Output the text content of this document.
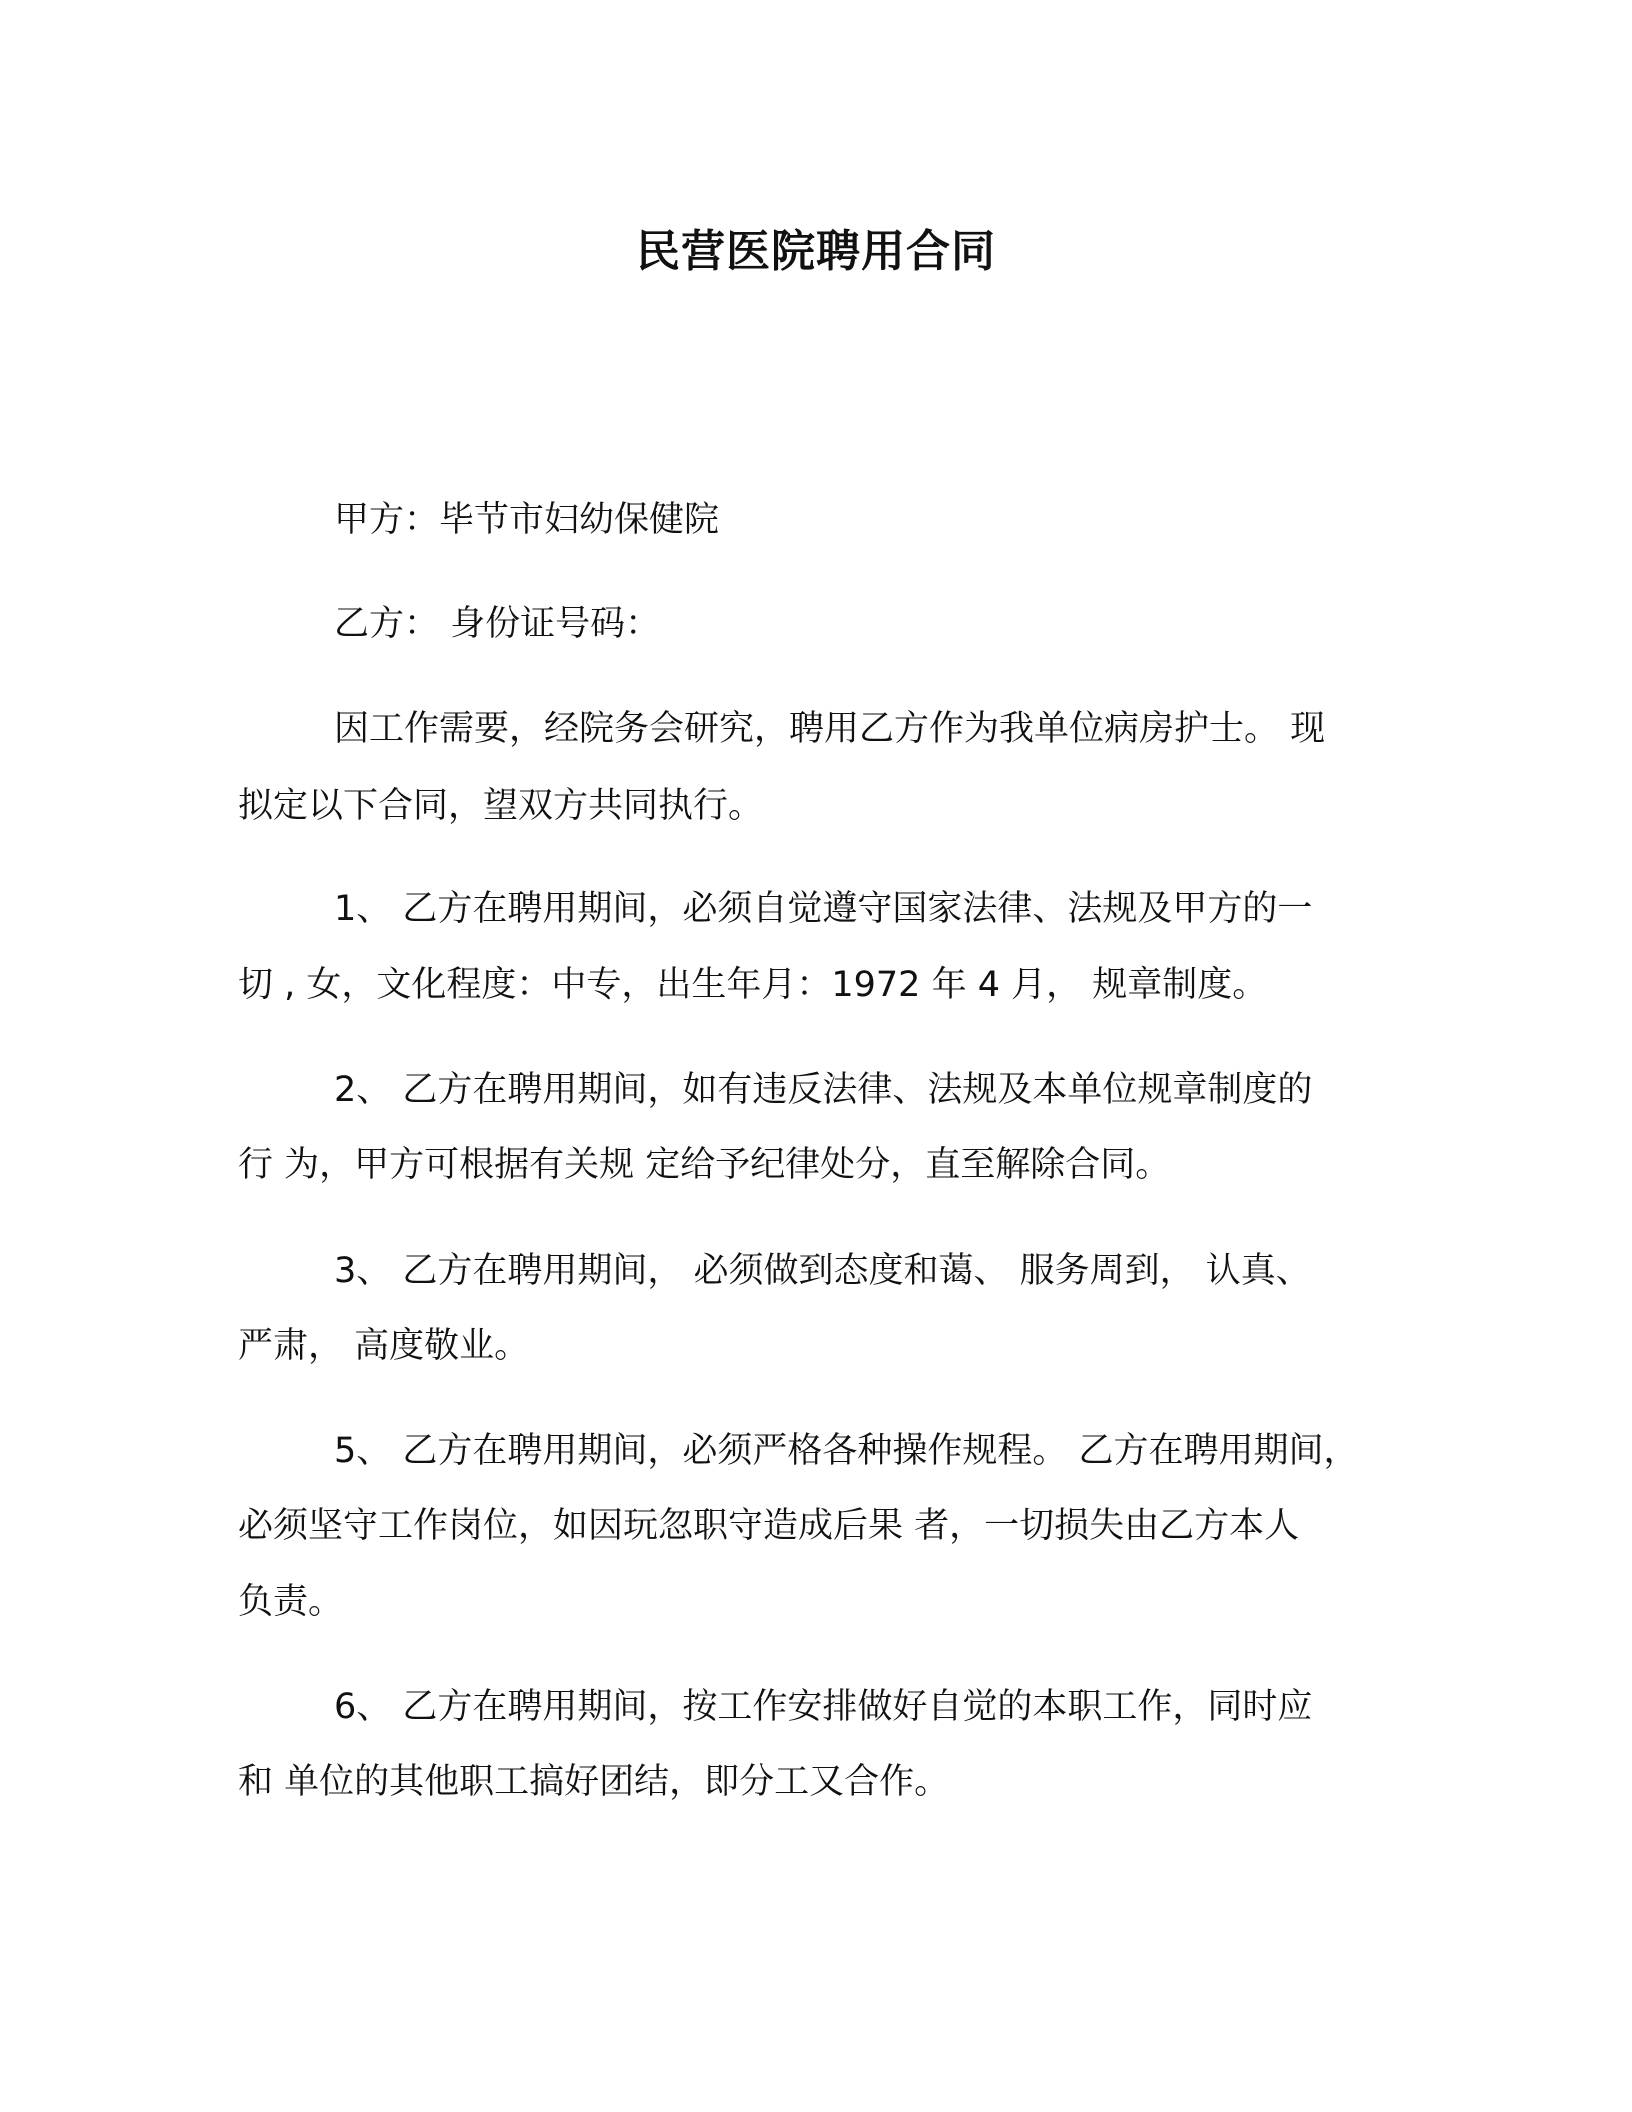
民营医院聘用合同
甲方：毕节市妇幼保健院
乙方： 身份证号码：
因工作需要，经院务会研究，聘用乙方作为我单位病房护士。 现
拟定以下合同，望双方共同执行。
1、 乙方在聘用期间，必须自觉遵守国家法律、法规及甲方的一
切 , 女，文化程度：中专，出生年月：1972 年 4 月， 规章制度。
2、 乙方在聘用期间，如有违反法律、法规及本单位规章制度的
行 为，甲方可根据有关规 定给予纪律处分，直至解除合同。
3、 乙方在聘用期间， 必须做到态度和蔼、 服务周到， 认真、
严肃， 高度敬业。
5、 乙方在聘用期间，必须严格各种操作规程。 乙方在聘用期间，
必须坚守工作岗位，如因玩忽职守造成后果 者，一切损失由乙方本人
负责。
6、 乙方在聘用期间，按工作安排做好自觉的本职工作，同时应
和 单位的其他职工搞好团结，即分工又合作。
